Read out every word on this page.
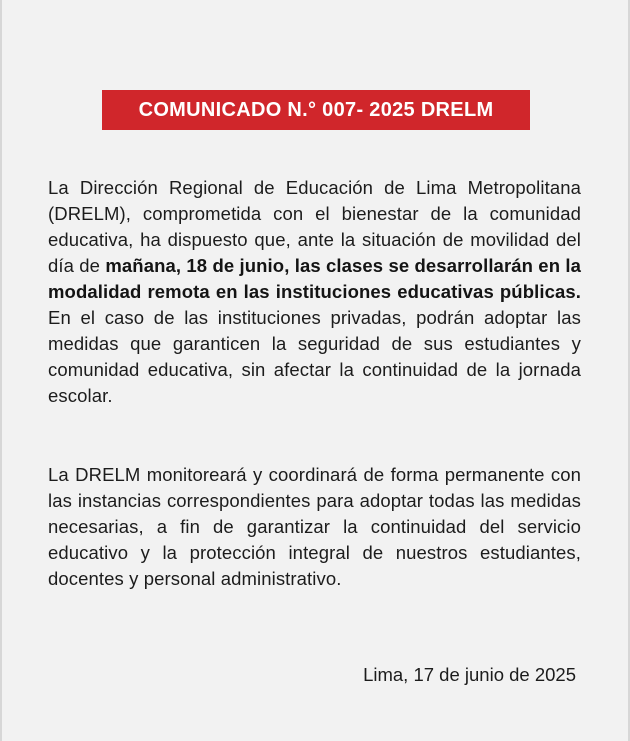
COMUNICADO N.° 007- 2025 DRELM

La Dirección Regional de Educación de Lima Metropolitana (DRELM), comprometida con el bienestar de la comunidad educativa, ha dispuesto que, ante la situación de movilidad del día de mañana, 18 de junio, las clases se desarrollarán en la modalidad remota en las instituciones educativas públicas. En el caso de las instituciones privadas, podrán adoptar las medidas que garanticen la seguridad de sus estudiantes y comunidad educativa, sin afectar la continuidad de la jornada escolar.

La DRELM monitoreará y coordinará de forma permanente con las instancias correspondientes para adoptar todas las medidas necesarias, a fin de garantizar la continuidad del servicio educativo y la protección integral de nuestros estudiantes, docentes y personal administrativo.

Lima, 17 de junio de 2025
